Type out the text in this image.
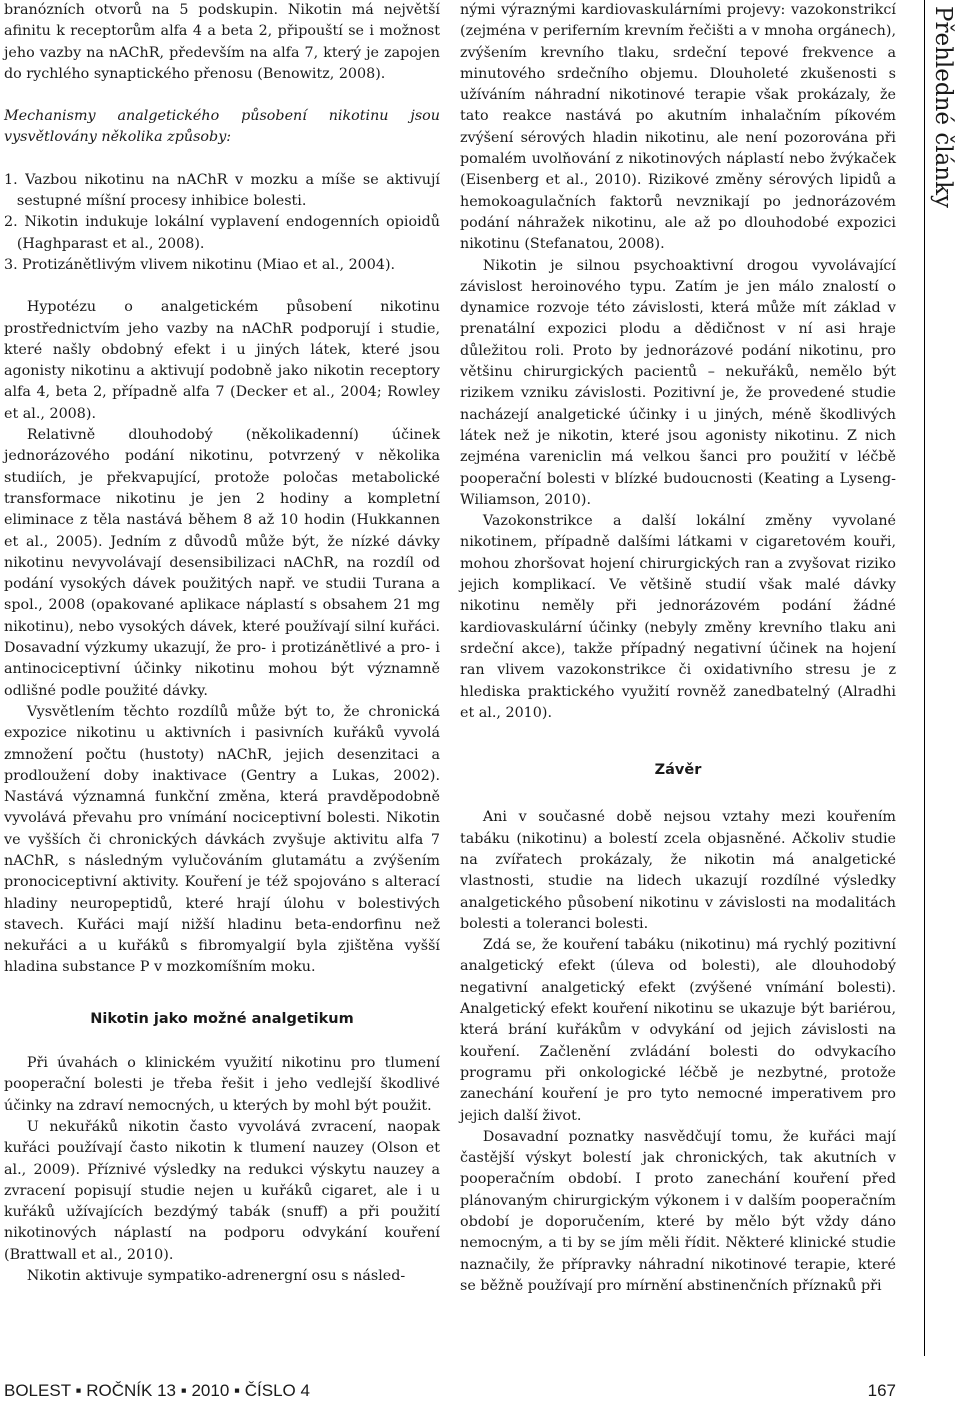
branózních otvorů na 5 podskupin. Nikotin má největší afinitu k receptorům alfa 4 a beta 2, připouští se i možnost jeho vazby na nAChR, především na alfa 7, který je zapojen do rychlého synaptického přenosu (Benowitz, 2008).

Mechanismy analgetického působení nikotinu jsou vysvětlovány několika způsoby:

1. Vazbou nikotinu na nAChR v mozku a míše se aktivují sestupné míšní procesy inhibice bolesti.

2. Nikotin indukuje lokální vyplavení endogenních opioidů (Haghparast et al., 2008).

3. Protizánětlivým vlivem nikotinu (Miao et al., 2004).

Hypotézu o analgetickém působení nikotinu prostřednictvím jeho vazby na nAChR podporují i studie, které našly obdobný efekt i u jiných látek, které jsou agonisty nikotinu a aktivují podobně jako nikotin receptory alfa 4, beta 2, případně alfa 7 (Decker et al., 2004; Rowley et al., 2008).

Relativně dlouhodobý (několikadenní) účinek jednorázového podání nikotinu, potvrzený v několika studiích, je překvapující, protože poločas metabolické transformace nikotinu je jen 2 hodiny a kompletní eliminace z těla nastává během 8 až 10 hodin (Hukkannen et al., 2005). Jedním z důvodů může být, že nízké dávky nikotinu nevyvolávají desensibilizaci nAChR, na rozdíl od podání vysokých dávek použitých např. ve studii Turana a spol., 2008 (opakované aplikace náplastí s obsahem 21 mg nikotinu), nebo vysokých dávek, které používají silní kuřáci. Dosavadní výzkumy ukazují, že pro- i protizánětlivé a pro- i antinociceptivní účinky nikotinu mohou být významně odlišné podle použité dávky.

Vysvětlením těchto rozdílů může být to, že chronická expozice nikotinu u aktivních i pasivních kuřáků vyvolá zmnožení počtu (hustoty) nAChR, jejich desenzitaci a prodloužení doby inaktivace (Gentry a Lukas, 2002). Nastává významná funkční změna, která pravděpodobně vyvolává převahu pro vnímání nociceptivní bolesti. Nikotin ve vyšších či chronických dávkách zvyšuje aktivitu alfa 7 nAChR, s následným vylučováním glutamátu a zvýšením pronociceptivní aktivity. Kouření je též spojováno s alterací hladiny neuropeptidů, které hrají úlohu v bolestivých stavech. Kuřáci mají nižší hladinu beta-endorfinu než nekuřáci a u kuřáků s fibromyalgií byla zjištěna vyšší hladina substance P v mozkomíšním moku.

Nikotin jako možné analgetikum

Při úvahách o klinickém využití nikotinu pro tlumení pooperační bolesti je třeba řešit i jeho vedlejší škodlivé účinky na zdraví nemocných, u kterých by mohl být použit.

U nekuřáků nikotin často vyvolává zvracení, naopak kuřáci používají často nikotin k tlumení nauzey (Olson et al., 2009). Příznivé výsledky na redukci výskytu nauzey a zvracení popisují studie nejen u kuřáků cigaret, ale i u kuřáků užívajících bezdýmý tabák (snuff) a při použití nikotinových náplastí na podporu odvykání kouření (Brattwall et al., 2010).

Nikotin aktivuje sympatiko-adrenergní osu s násled-

nými výraznými kardiovaskulárními projevy: vazokonstrikcí (zejména v periferním krevním řečišti a v mnoha orgánech), zvýšením krevního tlaku, srdeční tepové frekvence a minutového srdečního objemu. Dlouholeté zkušenosti s užíváním náhradní nikotinové terapie však prokázaly, že tato reakce nastává po akutním inhalačním píkovém zvýšení sérových hladin nikotinu, ale není pozorována při pomalém uvolňování z nikotinových náplastí nebo žvýkaček (Eisenberg et al., 2010). Rizikové změny sérových lipidů a hemokoagulačních faktorů nevznikají po jednorázovém podání náhražek nikotinu, ale až po dlouhodobé expozici nikotinu (Stefanatou, 2008).

Nikotin je silnou psychoaktivní drogou vyvolávající závislost heroinového typu. Zatím je jen málo znalostí o dynamice rozvoje této závislosti, která může mít základ v prenatální expozici plodu a dědičnost v ní asi hraje důležitou roli. Proto by jednorázové podání nikotinu, pro většinu chirurgických pacientů – nekuřáků, nemělo být rizikem vzniku závislosti. Pozitivní je, že provedené studie nacházejí analgetické účinky i u jiných, méně škodlivých látek než je nikotin, které jsou agonisty nikotinu. Z nich zejména vareniclin má velkou šanci pro použití v léčbě pooperační bolesti v blízké budoucnosti (Keating a Lyseng-Wiliamson, 2010).

Vazokonstrikce a další lokální změny vyvolané nikotinem, případně dalšími látkami v cigaretovém kouři, mohou zhoršovat hojení chirurgických ran a zvyšovat riziko jejich komplikací. Ve většině studií však malé dávky nikotinu neměly při jednorázovém podání žádné kardiovaskulární účinky (nebyly změny krevního tlaku ani srdeční akce), takže případný negativní účinek na hojení ran vlivem vazokonstrikce či oxidativního stresu je z hlediska praktického využití rovněž zanedbatelný (Alradhi et al., 2010).

Závěr

Ani v současné době nejsou vztahy mezi kouřením tabáku (nikotinu) a bolestí zcela objasněné. Ačkoliv studie na zvířatech prokázaly, že nikotin má analgetické vlastnosti, studie na lidech ukazují rozdílné výsledky analgetického působení nikotinu v závislosti na modalitách bolesti a toleranci bolesti.

Zdá se, že kouření tabáku (nikotinu) má rychlý pozitivní analgetický efekt (úleva od bolesti), ale dlouhodobý negativní analgetický efekt (zvýšené vnímání bolesti). Analgetický efekt kouření nikotinu se ukazuje být bariérou, která brání kuřákům v odvykání od jejich závislosti na kouření. Začlenění zvládání bolesti do odvykacího programu při onkologické léčbě je nezbytné, protože zanechání kouření je pro tyto nemocné imperativem pro jejich další život.

Dosavadní poznatky nasvědčují tomu, že kuřáci mají častější výskyt bolestí jak chronických, tak akutních v pooperačním období. I proto zanechání kouření před plánovaným chirurgickým výkonem i v dalším pooperačním období je doporučením, které by mělo být vždy dáno nemocným, a ti by se jím měli řídit. Některé klinické studie naznačily, že přípravky náhradní nikotinové terapie, které se běžně používají pro mírnění abstinenčních příznaků při

Přehledné články
BOLEST ▪ ROČNÍK 13 ▪ 2010 ▪ ČÍSLO 4	167
